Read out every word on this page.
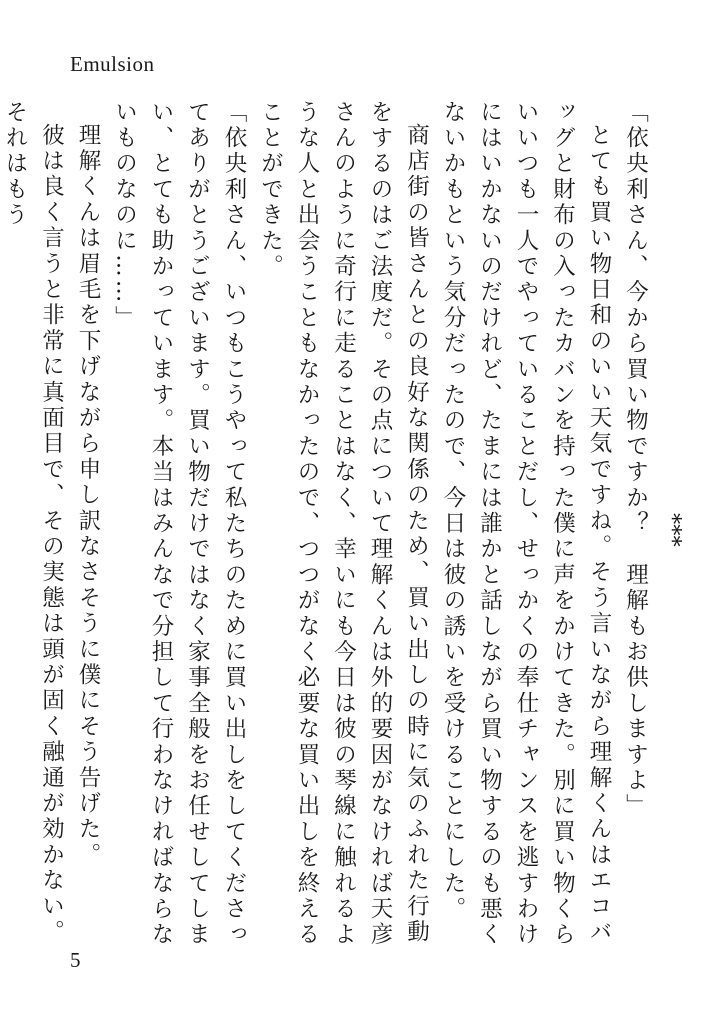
Emulsion

***

「依央利さん、今から買い物ですか？　理解もお供しますよ」

とても買い物日和のいい天気ですね。そう言いながら理解くんはエコバッグと財布の入ったカバンを持った僕に声をかけてきた。別に買い物くらいいつも一人でやっていることだし、せっかくの奉仕チャンスを逃すわけにはいかないのだけれど、たまには誰かと話しながら買い物するのも悪くないかもという気分だったので、今日は彼の誘いを受けることにした。

商店街の皆さんとの良好な関係のため、買い出しの時に気のふれた行動をするのはご法度だ。その点について理解くんは外的要因がなければ天彦さんのように奇行に走ることはなく、幸いにも今日は彼の琴線に触れるような人と出会うこともなかったので、つつがなく必要な買い出しを終えることができた。

「依央利さん、いつもこうやって私たちのために買い出しをしてくださってありがとうございます。買い物だけではなく家事全般をお任せしてしまい、とても助かっています。本当はみんなで分担して行わなければならないものなのに……」

理解くんは眉毛を下げながら申し訳なさそうに僕にそう告げた。

彼は良く言うと非常に真面目で、その実態は頭が固く融通が効かない。それはもう

5
